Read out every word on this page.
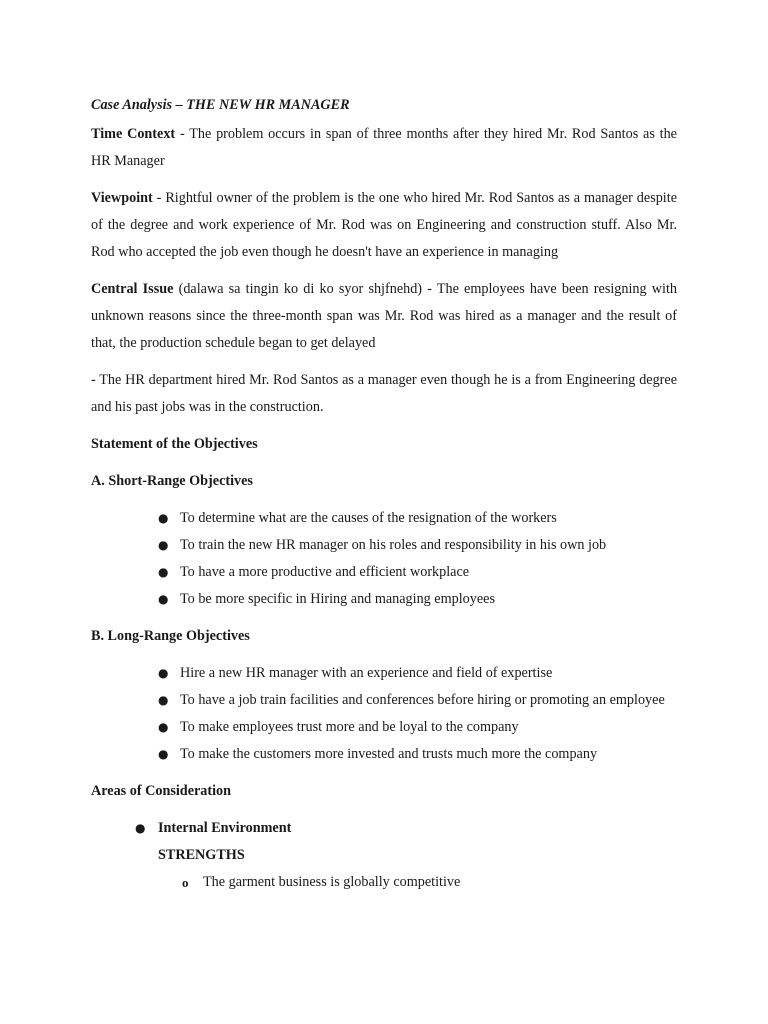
Case Analysis – THE NEW HR MANAGER

Time Context - The problem occurs in span of three months after they hired Mr. Rod Santos as the HR Manager

Viewpoint - Rightful owner of the problem is the one who hired Mr. Rod Santos as a manager despite of the degree and work experience of Mr. Rod was on Engineering and construction stuff. Also Mr. Rod who accepted the job even though he doesn't have an experience in managing

Central Issue (dalawa sa tingin ko di ko syor shjfnehd) - The employees have been resigning with unknown reasons since the three-month span was Mr. Rod was hired as a manager and the result of that, the production schedule began to get delayed

- The HR department hired Mr. Rod Santos as a manager even though he is a from Engineering degree and his past jobs was in the construction.

Statement of the Objectives

A. Short-Range Objectives

● To determine what are the causes of the resignation of the workers
● To train the new HR manager on his roles and responsibility in his own job
● To have a more productive and efficient workplace
● To be more specific in Hiring and managing employees

B. Long-Range Objectives

● Hire a new HR manager with an experience and field of expertise
● To have a job train facilities and conferences before hiring or promoting an employee
● To make employees trust more and be loyal to the company
● To make the customers more invested and trusts much more the company

Areas of Consideration

● Internal Environment

STRENGTHS

o The garment business is globally competitive
